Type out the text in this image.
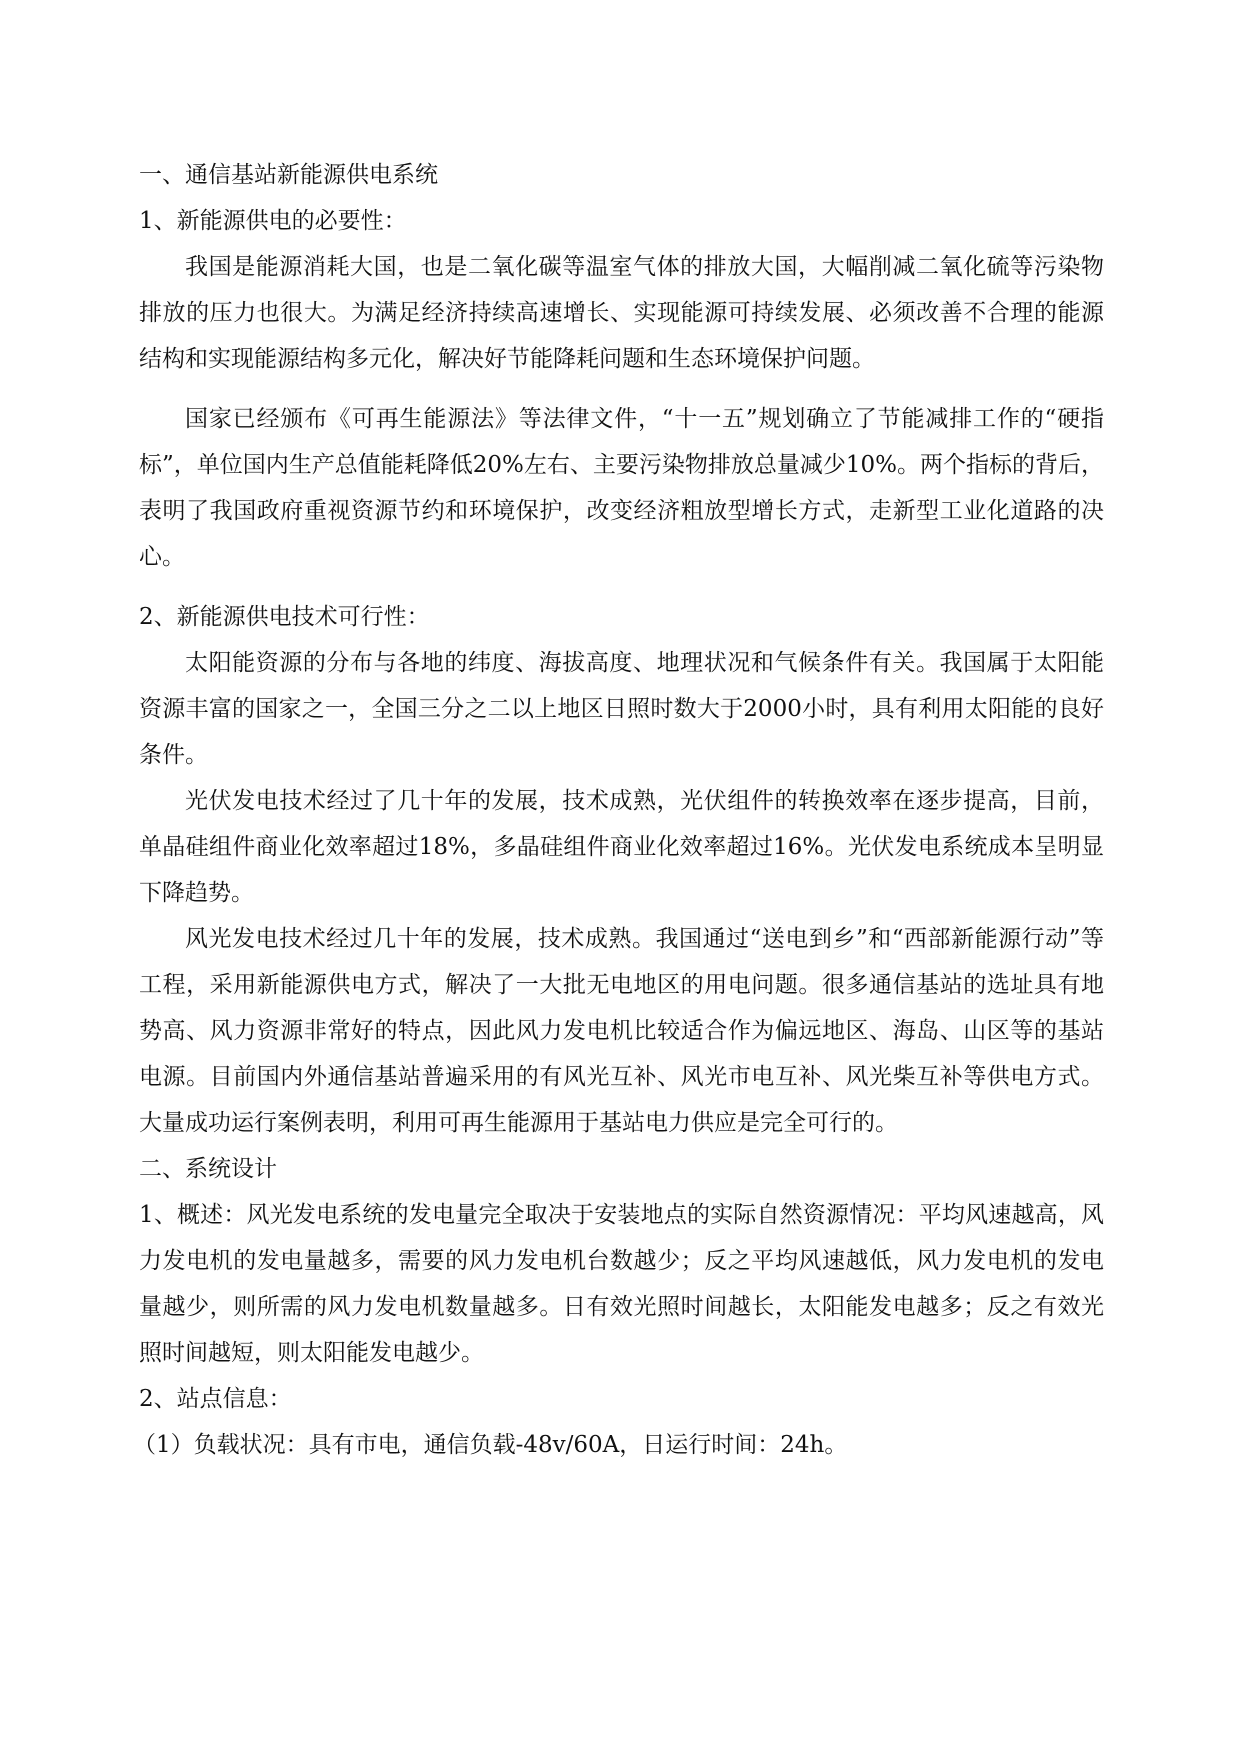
一、通信基站新能源供电系统

1、新能源供电的必要性：

我国是能源消耗大国，也是二氧化碳等温室气体的排放大国，大幅削减二氧化硫等污染物排放的压力也很大。为满足经济持续高速增长、实现能源可持续发展、必须改善不合理的能源结构和实现能源结构多元化，解决好节能降耗问题和生态环境保护问题。

国家已经颁布《可再生能源法》等法律文件，“十一五”规划确立了节能减排工作的“硬指标”，单位国内生产总值能耗降低20%左右、主要污染物排放总量减少10%。两个指标的背后，表明了我国政府重视资源节约和环境保护，改变经济粗放型增长方式，走新型工业化道路的决心。

2、新能源供电技术可行性：

太阳能资源的分布与各地的纬度、海拔高度、地理状况和气候条件有关。我国属于太阳能资源丰富的国家之一，全国三分之二以上地区日照时数大于2000小时，具有利用太阳能的良好条件。

光伏发电技术经过了几十年的发展，技术成熟，光伏组件的转换效率在逐步提高，目前，单晶硅组件商业化效率超过18%，多晶硅组件商业化效率超过16%。光伏发电系统成本呈明显下降趋势。

风光发电技术经过几十年的发展，技术成熟。我国通过“送电到乡”和“西部新能源行动”等工程，采用新能源供电方式，解决了一大批无电地区的用电问题。很多通信基站的选址具有地势高、风力资源非常好的特点，因此风力发电机比较适合作为偏远地区、海岛、山区等的基站电源。目前国内外通信基站普遍采用的有风光互补、风光市电互补、风光柴互补等供电方式。大量成功运行案例表明，利用可再生能源用于基站电力供应是完全可行的。

二、系统设计

1、概述：风光发电系统的发电量完全取决于安装地点的实际自然资源情况：平均风速越高，风力发电机的发电量越多，需要的风力发电机台数越少；反之平均风速越低，风力发电机的发电量越少，则所需的风力发电机数量越多。日有效光照时间越长，太阳能发电越多；反之有效光照时间越短，则太阳能发电越少。

2、站点信息：

（1）负载状况：具有市电，通信负载-48v/60A，日运行时间：24h。
